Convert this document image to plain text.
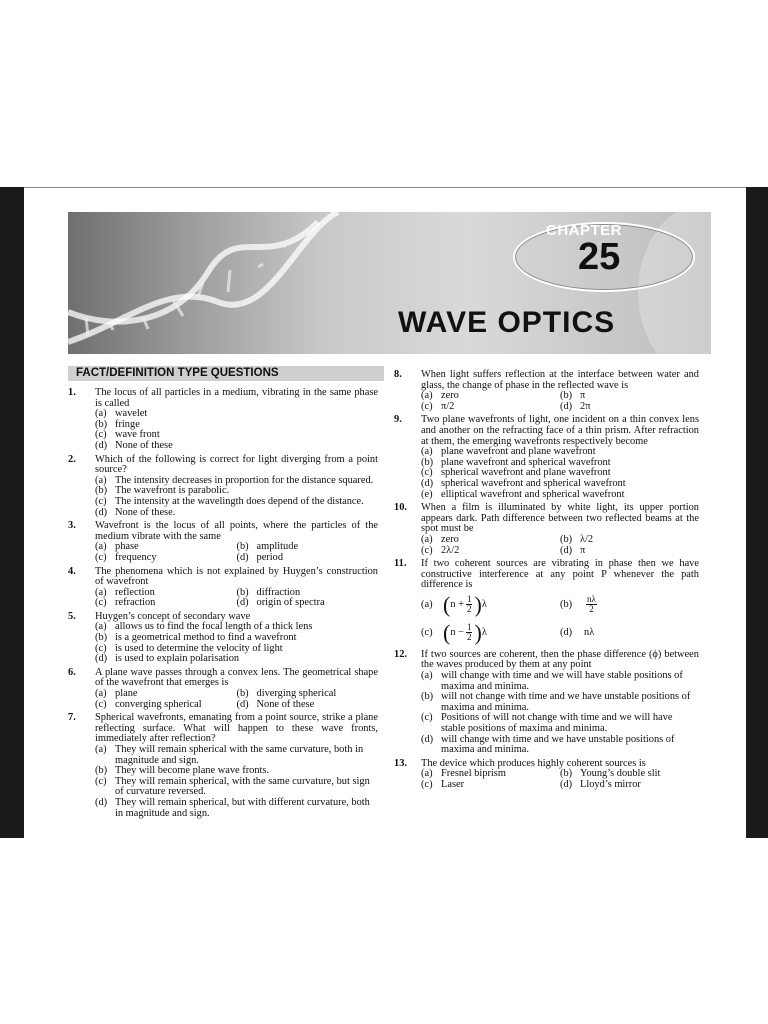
CHAPTER
25
WAVE OPTICS
FACT/DEFINITION TYPE QUESTIONS
1. The locus of all particles in a medium, vibrating in the same phase is called
(a) wavelet
(b) fringe
(c) wave front
(d) None of these
2. Which of the following is correct for light diverging from a point source?
(a) The intensity decreases in proportion for the distance squared.
(b) The wavefront is parabolic.
(c) The intensity at the wavelingth does depend of the distance.
(d) None of these.
3. Wavefront is the locus of all points, where the particles of the medium vibrate with the same
(a) phase	(b) amplitude
(c) frequency	(d) period
4. The phenomena which is not explained by Huygen’s construction of wavefront
(a) reflection	(b) diffraction
(c) refraction	(d) origin of spectra
5. Huygen’s concept of secondary wave
(a) allows us to find the focal length of a thick lens
(b) is a geometrical method to find a wavefront
(c) is used to determine the velocity of light
(d) is used to explain polarisation
6. A plane wave passes through a convex lens. The geometrical shape of the wavefront that emerges is
(a) plane	(b) diverging spherical
(c) converging spherical	(d) None of these
7. Spherical wavefronts, emanating from a point source, strike a plane reflecting surface. What will happen to these wave fronts, immediately after reflection?
(a) They will remain spherical with the same curvature, both in magnitude and sign.
(b) They will become plane wave fronts.
(c) They will remain spherical, with the same curvature, but sign of curvature reversed.
(d) They will remain spherical, but with different curvature, both in magnitude and sign.
8. When light suffers reflection at the interface between water and glass, the change of phase in the reflected wave is
(a) zero	(b) π
(c) π/2	(d) 2π
9. Two plane wavefronts of light, one incident on a thin convex lens and another on the refracting face of a thin prism. After refraction at them, the emerging wavefronts respectively become
(a) plane wavefront and plane wavefront
(b) plane wavefront and spherical wavefront
(c) spherical wavefront and plane wavefront
(d) spherical wavefront and spherical wavefront
(e) elliptical wavefront and spherical wavefront
10. When a film is illuminated by white light, its upper portion appears dark. Path difference between two reflected beams at the spot must be
(a) zero	(b) λ/2
(c) 2λ/2	(d) π
11. If two coherent sources are vibrating in phase then we have constructive interference at any point P whenever the path difference is
(a) ( $n + \frac{1}{2}$ ) λ	(b)	$\frac{n\lambda}{2}$
(c) ( $n - \frac{1}{2}$ ) λ	(d)	nλ
12. If two sources are coherent, then the phase difference (ϕ) between the waves produced by them at any point
(a) will change with time and we will have stable positions of maxima and minima.
(b) will not change with time and we have unstable positions of maxima and minima.
(c) Positions of will not change with time and we will have stable positions of maxima and minima.
(d) will change with time and we have unstable positions of maxima and minima.
13. The device which produces highly coherent sources is
(a) Fresnel biprism	(b) Young’s double slit
(c) Laser	(d) Lloyd’s mirror
